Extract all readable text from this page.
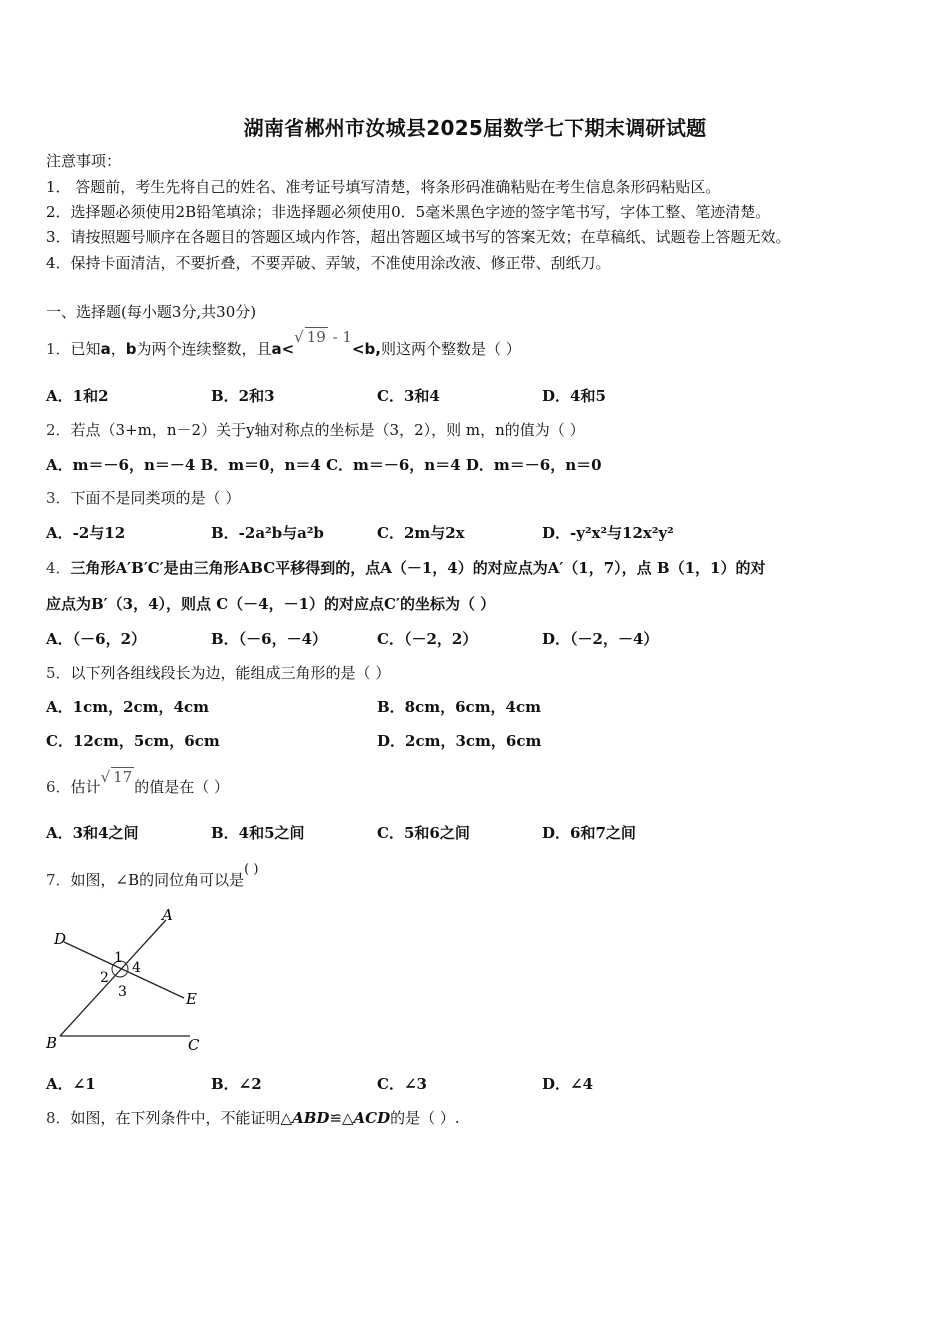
湖南省郴州市汝城县2025届数学七下期末调研试题
注意事项：
1． 答题前，考生先将自己的姓名、准考证号填写清楚，将条形码准确粘贴在考生信息条形码粘贴区。
2．选择题必须使用2B铅笔填涂；非选择题必须使用0．5毫米黑色字迹的签字笔书写，字体工整、笔迹清楚。
3．请按照题号顺序在各题目的答题区域内作答，超出答题区域书写的答案无效；在草稿纸、试题卷上答题无效。
4．保持卡面清洁，不要折叠，不要弄破、弄皱，不准使用涂改液、修正带、刮纸刀。
一、选择题(每小题3分,共30分)
1．已知a，b为两个连续整数，且a<√ 19 - 1<b,则这两个整数是（ ）
A．1和2	B．2和3	C．3和4	D．4和5
2．若点（3+m，n－2）关于y轴对称点的坐标是（3，2），则 m，n的值为（ ）
A．m＝－6，n＝－4 B．m＝0，n＝4 C．m＝－6，n＝4 D．m＝－6，n＝0
3．下面不是同类项的是（ ）
A．-2与12	B．-2a²b与a²b	C．2m与2x	D．-y²x²与12x²y²
4．三角形A′B′C′是由三角形ABC平移得到的，点A（－1，4）的对应点为A′（1，7），点 B（1，1）的对
应点为B′（3，4），则点 C（－4，－1）的对应点C′的坐标为（ ）
A．（－6，2）	B．（－6，－4）	C．（－2，2）	D．（－2，－4）
5．以下列各组线段长为边，能组成三角形的是（ ）
A．1cm，2cm，4cm	B．8cm，6cm，4cm
C．12cm，5cm，6cm	D．2cm，3cm，6cm
6．估计√ 17的值是在（ ）
A．3和4之间	B．4和5之间	C．5和6之间	D．6和7之间
7．如图，∠B的同位角可以是( )
A
B	C
D
E
1
2
3
4
A．∠1	B．∠2	C．∠3	D．∠4
8．如图，在下列条件中，不能证明△ABD≌△ACD的是（ ）.
